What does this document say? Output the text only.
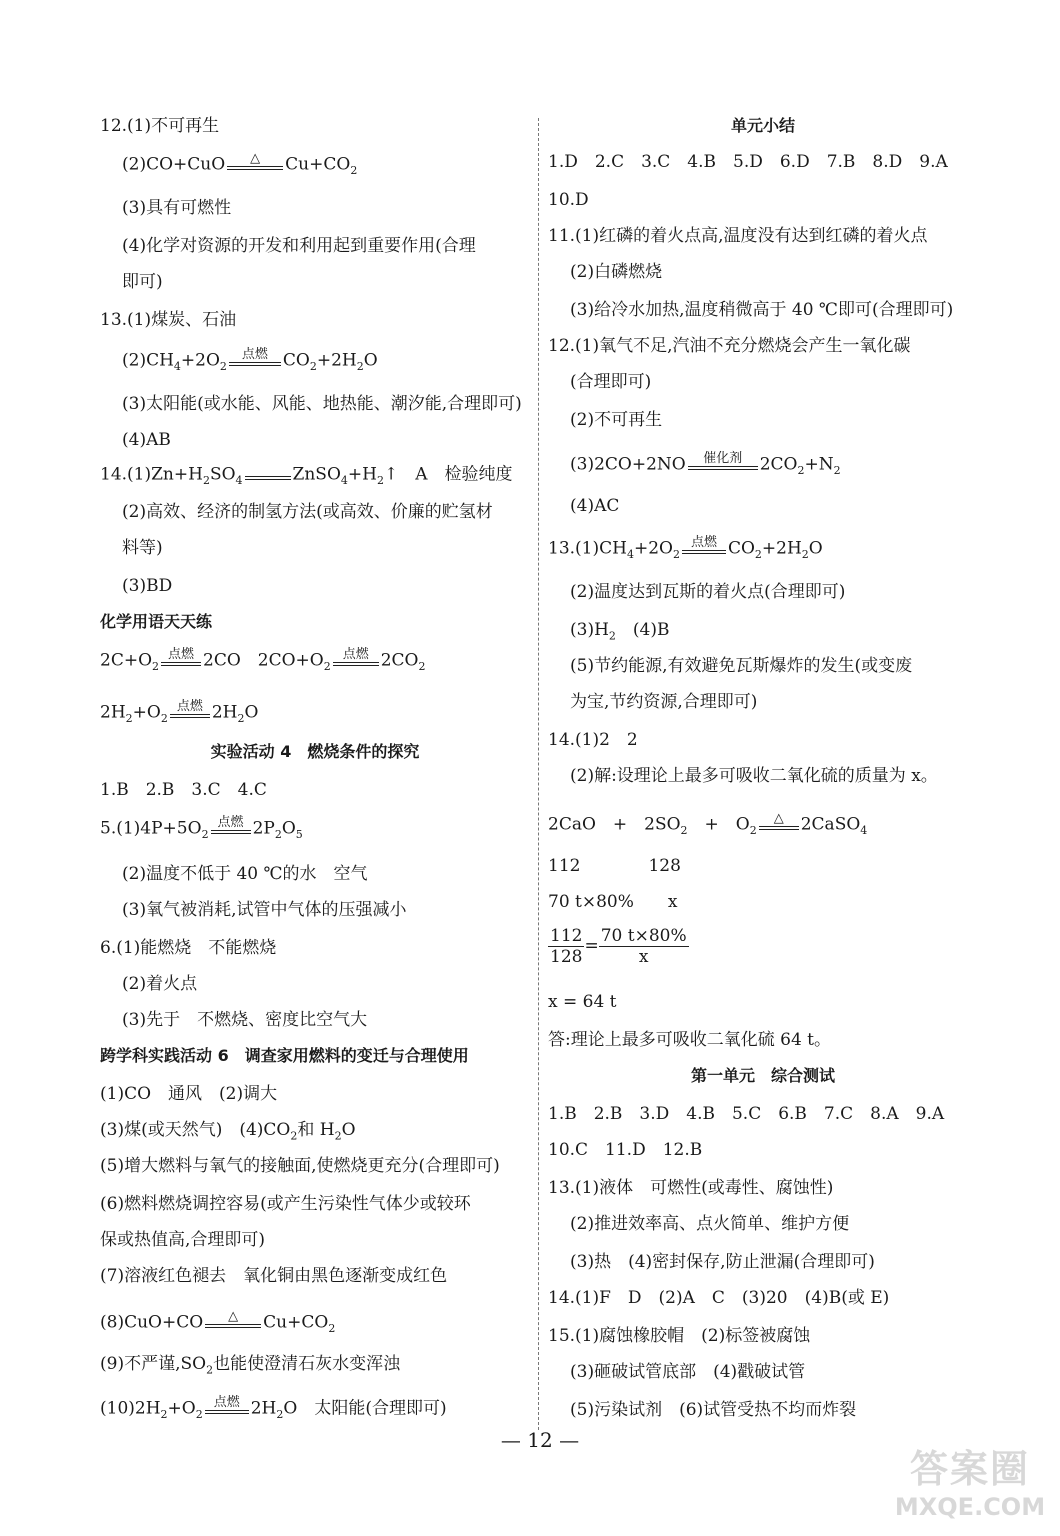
12.(1)不可再生
(2)CO+CuO	△	$Cu+CO_2$
(3)具有可燃性
(4)化学对资源的开发和利用起到重要作用(合理
即可)
13.(1)煤炭、石油
$(2)CH_4+2O_2$
点燃 $CO_2+2H_2O$
(3)太阳能(或水能、风能、地热能、潮汐能,合理即可)
(4)AB
$14.(1)Zn+H_2SO_4$	$ZnSO_4+H_2↑$　A　检验纯度
(2)高效、经济的制氢方法(或高效、价廉的贮氢材
料等)
(3)BD
化学用语天天练
$2C+O_2$
点燃 2CO　$2CO+O_2$
点燃 $2CO_2$
$2H_2+O_2$
点燃 $2H_2O$
实验活动 4　燃烧条件的探究
1.B　2.B　3.C　4.C
$5.(1)4P+5O_2$
点燃 $2P_2O_5$
(2)温度不低于 40 ℃的水　空气
(3)氧气被消耗,试管中气体的压强减小
6.(1)能燃烧　不能燃烧
(2)着火点
(3)先于　不燃烧、密度比空气大
跨学科实践活动 6　调查家用燃料的变迁与合理使用
(1)CO　通风　(2)调大
(3)煤(或天然气)　$(4)CO_2$和 $H_2O$
(5)增大燃料与氧气的接触面,使燃烧更充分(合理即可)
(6)燃料燃烧调控容易(或产生污染性气体少或较环
保或热值高,合理即可)
(7)溶液红色褪去　氧化铜由黑色逐渐变成红色
(8)CuO+CO	△	$Cu+CO_2$
(9)不严谨$,SO_2$也能使澄清石灰水变浑浊
$(10)2H_2+O_2$
点燃 $2H_2O$　太阳能(合理即可)
单元小结
1.D　2.C　3.C　4.B　5.D　6.D　7.B　8.D　9.A
10.D
11.(1)红磷的着火点高,温度没有达到红磷的着火点
(2)白磷燃烧
(3)给冷水加热,温度稍微高于 40 ℃即可(合理即可)
12.(1)氧气不足,汽油不充分燃烧会产生一氧化碳
(合理即可)
(2)不可再生
(3)2CO+2NO	催化剂	$2CO_2+N_2$
(4)AC
$13.(1)CH_4+2O_2$
点燃 $CO_2+2H_2O$
(2)温度达到瓦斯的着火点(合理即可)
$(3)H_2$　 (4)B
(5)节约能源,有效避免瓦斯爆炸的发生(或变废
为宝,节约资源,合理即可)
14.(1)2　2
(2)解:设理论上最多可吸收二氧化硫的质量为 x。
2CaO　+　$2SO_2$　 +　$O_2$
△	2CaSO$_4$
112　　　　128
70 t×80%　　x
$\frac{112}{128} = \frac{70 t\times 80\%}{x}$
x = 64 t
答:理论上最多可吸收二氧化硫 64 t。
第一单元　综合测试
1.B　2.B　3.D　4.B　5.C　6.B　7.C　8.A　9.A
10.C　11.D　12.B
13.(1)液体　可燃性(或毒性、腐蚀性)
(2)推进效率高、点火简单、维护方便
(3)热　(4)密封保存,防止泄漏(合理即可)
14.(1)F　D　(2)A　C　(3)20　(4)B(或 E)
15.(1)腐蚀橡胶帽　(2)标签被腐蚀
(3)砸破试管底部　(4)戳破试管
(5)污染试剂　(6)试管受热不均而炸裂
— 12 —
答案圈
MXQE.COM
